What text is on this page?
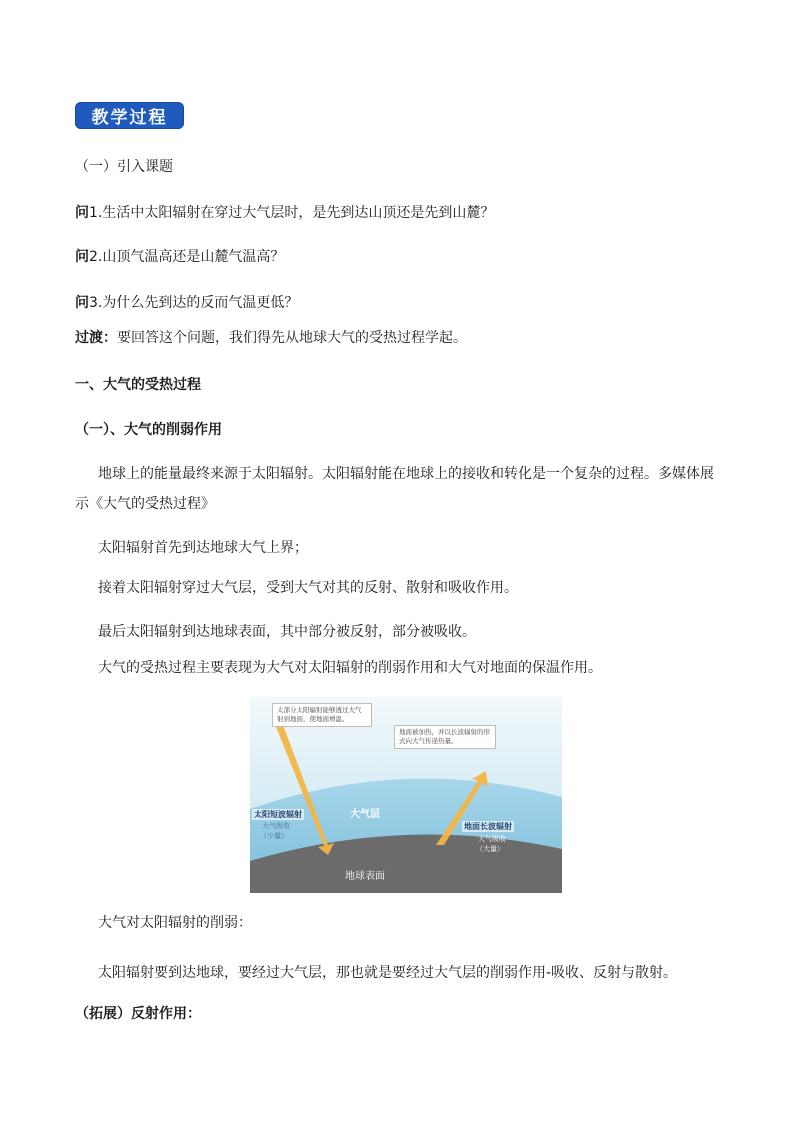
教学过程
（一）引入课题
问1.生活中太阳辐射在穿过大气层时，是先到达山顶还是先到山麓？
问2.山顶气温高还是山麓气温高？
问3.为什么先到达的反而气温更低？
过渡：要回答这个问题，我们得先从地球大气的受热过程学起。
一、大气的受热过程
（一）、大气的削弱作用
地球上的能量最终来源于太阳辐射。太阳辐射能在地球上的接收和转化是一个复杂的过程。多媒体展
示《大气的受热过程》
太阳辐射首先到达地球大气上界；
接着太阳辐射穿过大气层，受到大气对其的反射、散射和吸收作用。
最后太阳辐射到达地球表面，其中部分被反射，部分被吸收。
大气的受热过程主要表现为大气对太阳辐射的削弱作用和大气对地面的保温作用。
太部分太阳辐射能够透过大气射到地面，使地面增温。
地面被加热，并以长波辐射的形式向大气传递热量。
大气层
太阳短波辐射
大气吸收
（少量）
地面长波辐射
大气吸收
（大量）
地球表面
大气对太阳辐射的削弱：
太阳辐射要到达地球，要经过大气层，那也就是要经过大气层的削弱作用-吸收、反射与散射。
（拓展）反射作用：
